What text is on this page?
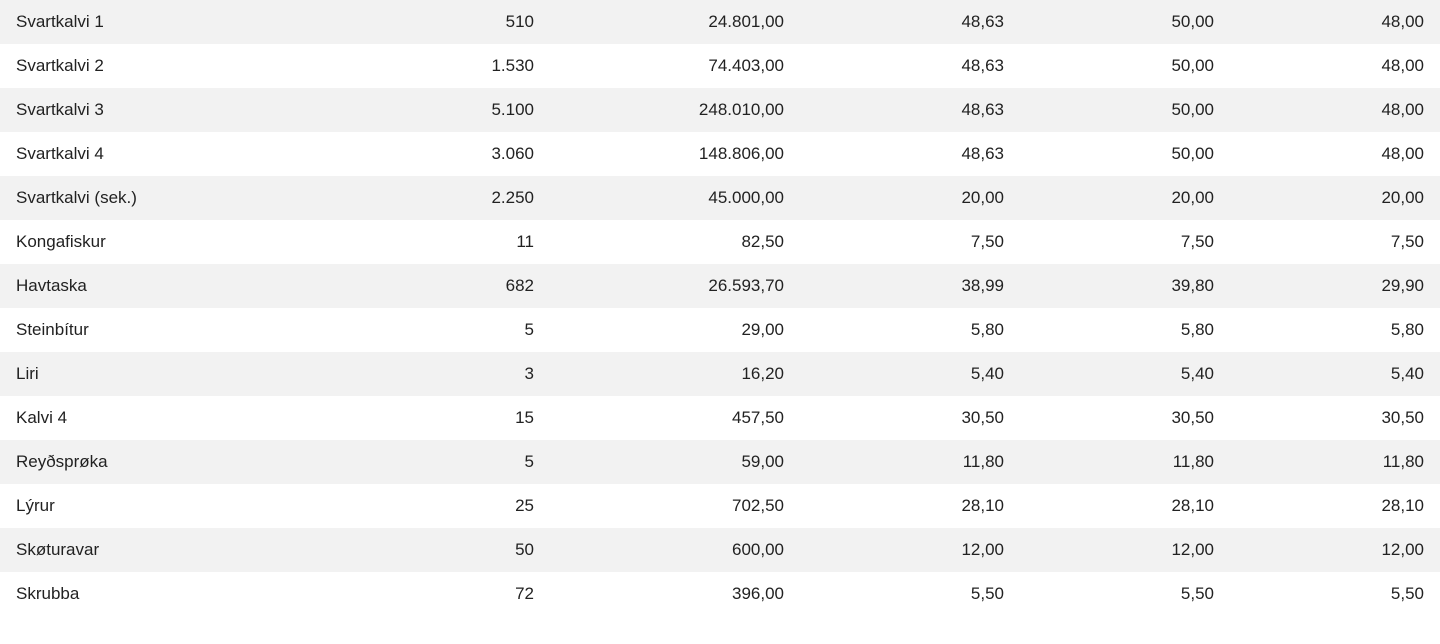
Svartkalvi 1	510	24.801,00	48,63	50,00	48,00
Svartkalvi 2	1.530	74.403,00	48,63	50,00	48,00
Svartkalvi 3	5.100	248.010,00	48,63	50,00	48,00
Svartkalvi 4	3.060	148.806,00	48,63	50,00	48,00
Svartkalvi (sek.)	2.250	45.000,00	20,00	20,00	20,00
Kongafiskur	11	82,50	7,50	7,50	7,50
Havtaska	682	26.593,70	38,99	39,80	29,90
Steinbítur	5	29,00	5,80	5,80	5,80
Liri	3	16,20	5,40	5,40	5,40
Kalvi 4	15	457,50	30,50	30,50	30,50
Reyðsprøka	5	59,00	11,80	11,80	11,80
Lýrur	25	702,50	28,10	28,10	28,10
Skøturavar	50	600,00	12,00	12,00	12,00
Skrubba	72	396,00	5,50	5,50	5,50
